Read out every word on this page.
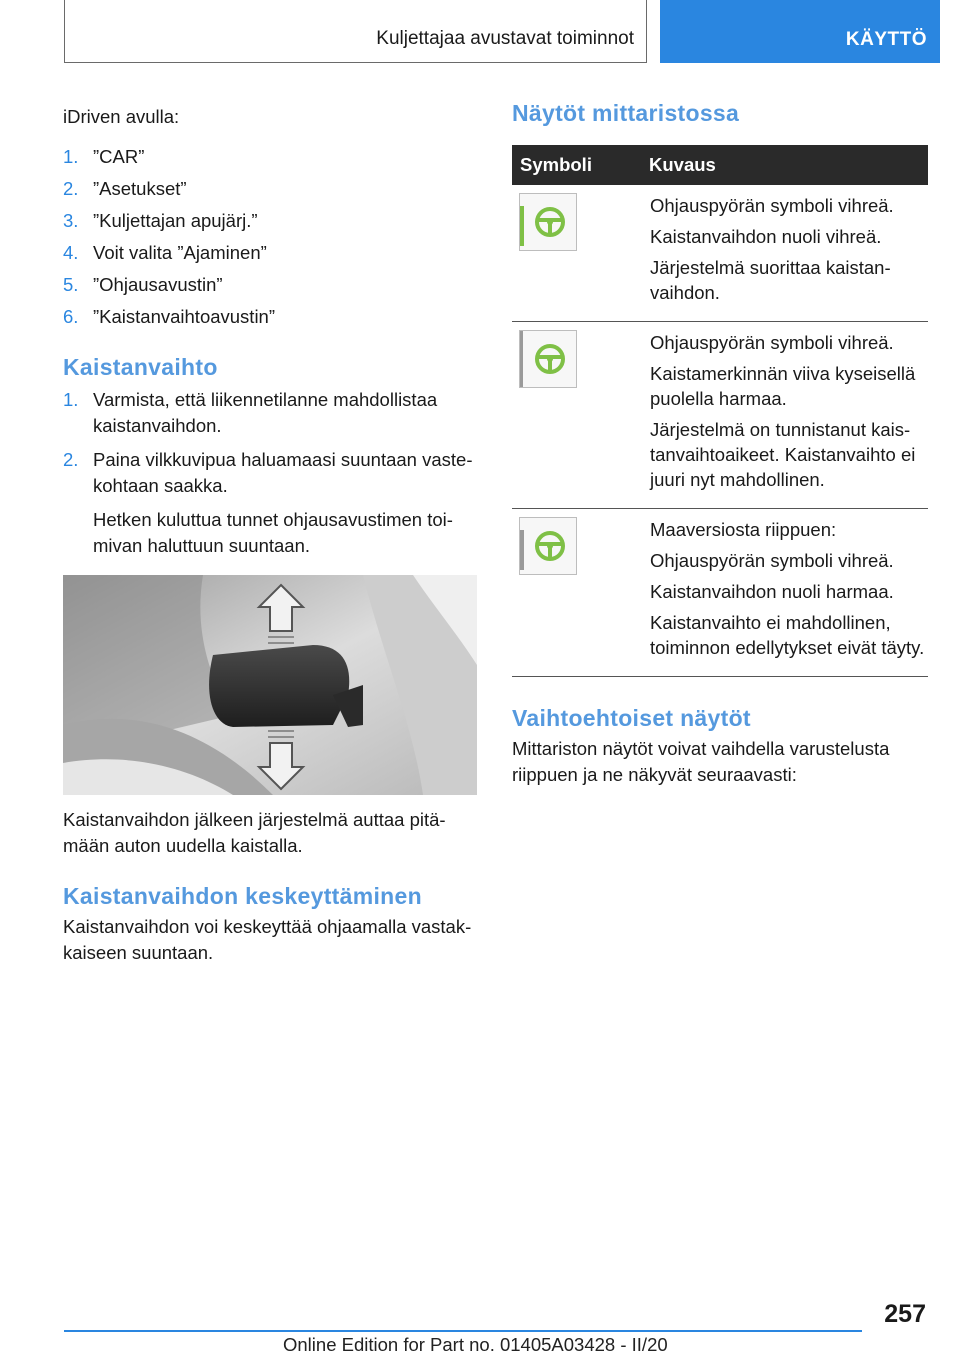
Kuljettajaa avustavat toiminnot	KÄYTTÖ

iDriven avulla:

1. ”CAR”
2. ”Asetukset”
3. ”Kuljettajan apujärj.”
4. Voit valita ”Ajaminen”
5. ”Ohjausavustin”
6. ”Kaistanvaihtoavustin”
Kaistanvaihto
1. Varmista, että liikennetilanne mahdollistaa kaistanvaihdon.
2. Paina vilkkuvipua haluamaasi suuntaan vastekohtaan saakka.

Hetken kuluttua tunnet ohjausavustimen toimivan haluttuun suuntaan.

Kaistanvaihdon jälkeen järjestelmä auttaa pitämään auton uudella kaistalla.

Kaistanvaihdon keskeyttäminen

Kaistanvaihdon voi keskeyttää ohjaamalla vastakkaiseen suuntaan.

Näytöt mittaristossa
Symboli	Kuvaus

Ohjauspyörän symboli vihreä.
Kaistanvaihdon nuoli vihreä.
Järjestelmä suorittaa kaistanvaihdon.

Ohjauspyörän symboli vihreä.
Kaistamerkinnän viiva kyseisellä puolella harmaa.
Järjestelmä on tunnistanut kaistanvaihtoaikeet. Kaistanvaihto ei juuri nyt mahdollinen.

Maaversiosta riippuen:
Ohjauspyörän symboli vihreä.
Kaistanvaihdon nuoli harmaa.
Kaistanvaihto ei mahdollinen, toiminnon edellytykset eivät täyty.
Vaihtoehtoiset näytöt

Mittariston näytöt voivat vaihdella varustelusta riippuen ja ne näkyvät seuraavasti:

257
Online Edition for Part no. 01405A03428 - II/20
